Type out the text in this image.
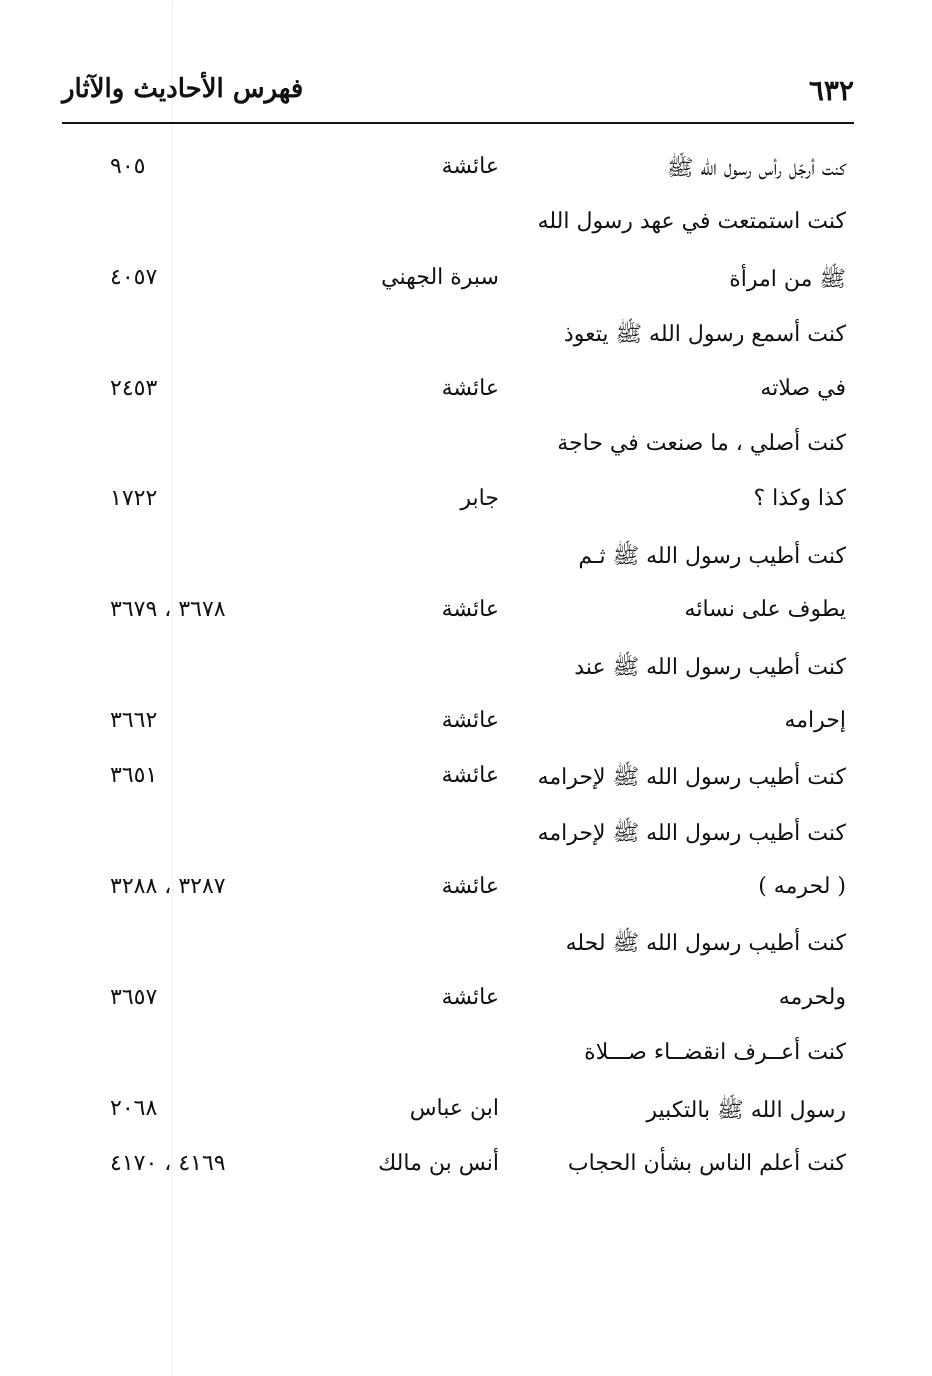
٦٣٢
فهرس الأحاديث والآثار
كنت أرجّل رأس رسول الله ﷺ
عائشة
٩٠٥
كنت استمتعت في عهد رسول الله
ﷺ من امرأة
سبرة الجهني
٤٠٥٧
كنت أسمع رسول الله ﷺ يتعوذ
في صلاته
عائشة
٢٤٥٣
كنت أصلي ، ما صنعت في حاجة
كذا وكذا ؟
جابر
١٧٢٢
كنت أطيب رسول الله ﷺ ثـم
يطوف على نسائه
عائشة
٣٦٧٨ ، ٣٦٧٩
كنت أطيب رسول الله ﷺ عند
إحرامه
عائشة
٣٦٦٢
كنت أطيب رسول الله ﷺ لإحرامه
عائشة
٣٦٥١
كنت أطيب رسول الله ﷺ لإحرامه
( لحرمه )
عائشة
٣٢٨٧ ، ٣٢٨٨
كنت أطيب رسول الله ﷺ لحله
ولحرمه
عائشة
٣٦٥٧
كنت أعــرف انقضــاء صـــلاة
رسول الله ﷺ بالتكبير
ابن عباس
٢٠٦٨
كنت أعلم الناس بشأن الحجاب
أنس بن مالك
٤١٦٩ ، ٤١٧٠
